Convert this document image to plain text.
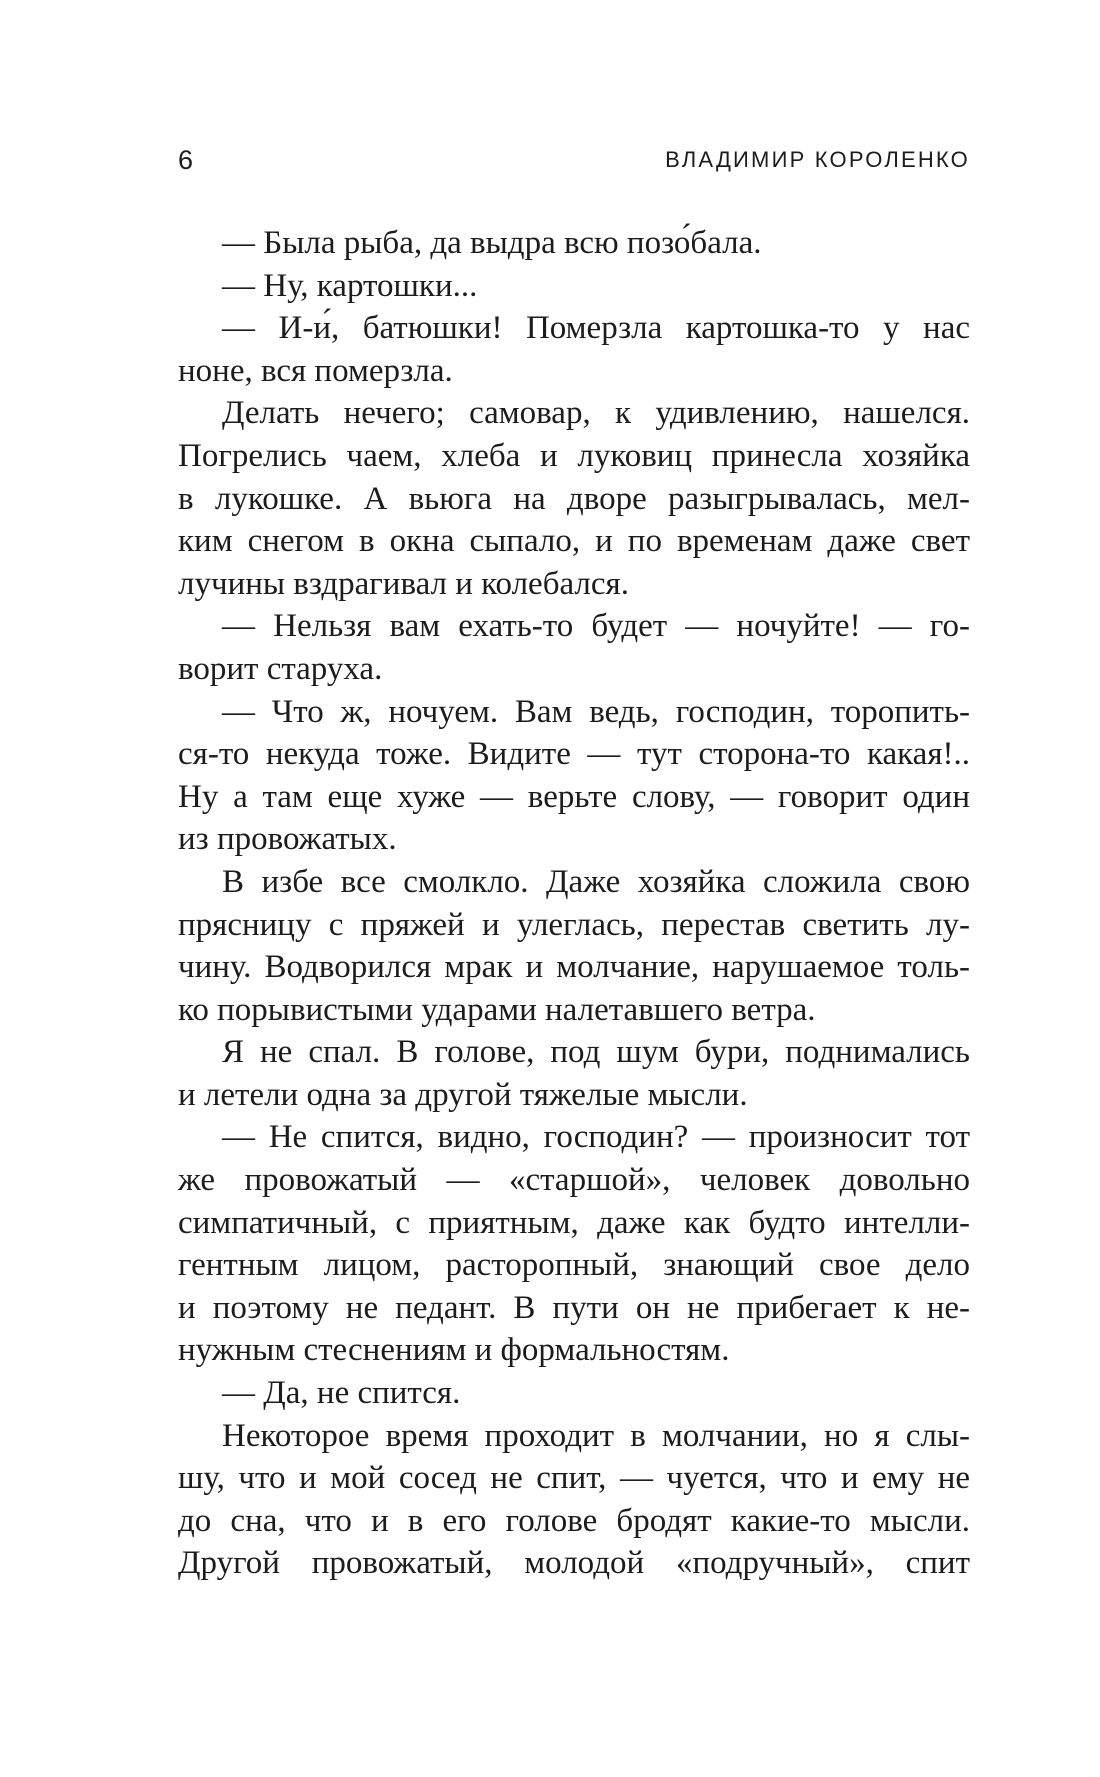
6	ВЛАДИМИР КОРОЛЕНКО
— Была рыба, да выдра всю позо́бала.
— Ну, картошки...
— И-и́, батюшки! Померзла картошка-то у нас
ноне, вся померзла.
Делать нечего; самовар, к удивлению, нашелся.
Погрелись чаем, хлеба и луковиц принесла хозяйка
в лукошке. А вьюга на дворе разыгрывалась, мел-
ким снегом в окна сыпало, и по временам даже свет
лучины вздрагивал и колебался.
— Нельзя вам ехать-то будет — ночуйте! — го-
ворит старуха.
— Что ж, ночуем. Вам ведь, господин, торопить-
ся-то некуда тоже. Видите — тут сторона-то какая!..
Ну а там еще хуже — верьте слову, — говорит один
из провожатых.
В избе все смолкло. Даже хозяйка сложила свою
прясницу с пряжей и улеглась, перестав светить лу-
чину. Водворился мрак и молчание, нарушаемое толь-
ко порывистыми ударами налетавшего ветра.
Я не спал. В голове, под шум бури, поднимались
и летели одна за другой тяжелые мысли.
— Не спится, видно, господин? — произносит тот
же провожатый — «старшой», человек довольно
симпатичный, с приятным, даже как будто интелли-
гентным лицом, расторопный, знающий свое дело
и поэтому не педант. В пути он не прибегает к не-
нужным стеснениям и формальностям.
— Да, не спится.
Некоторое время проходит в молчании, но я слы-
шу, что и мой сосед не спит, — чуется, что и ему не
до сна, что и в его голове бродят какие-то мысли.
Другой провожатый, молодой «подручный», спит
